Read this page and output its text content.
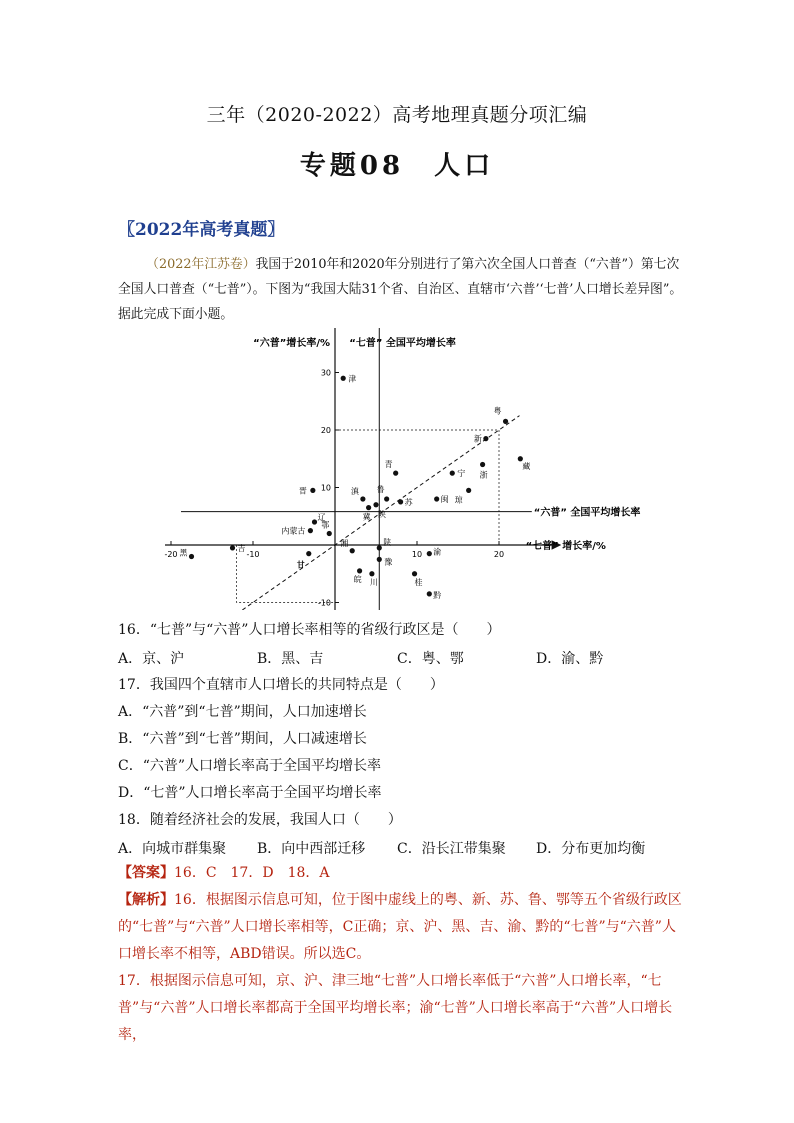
三年（2020-2022）高考地理真题分项汇编
专题08　人口
〖2022年高考真题〗
（2022年江苏卷）我国于2010年和2020年分别进行了第六次全国人口普查（“六普”）第七次全国人口普查（“七普”）。下图为“我国大陆31个省、自治区、直辖市‘六普’‘七普’人口增长差异图”。据此完成下面小题。
-20	-10	10	20
-10
10
20
30
“六普”增长率/% “七普” 全国平均增长率
“六普” 全国平均增长率
“七普” 增长率/%
津
粤
新
藏
浙
宁
琼
闽
青
晋	滇 鲁
苏
陕
冀
辽
内蒙古
鄂
黑
吉
甘
湘	陕
豫
渝
皖 川	桂
黔
16．“七普”与“六普”人口增长率相等的省级行政区是（　　）
A．京、沪	B．黑、吉	C．粤、鄂	D．渝、黔
17．我国四个直辖市人口增长的共同特点是（　　）
A．“六普”到“七普”期间，人口加速增长
B．“六普”到“七普”期间，人口减速增长
C．“六普”人口增长率高于全国平均增长率
D．“七普”人口增长率高于全国平均增长率
18．随着经济社会的发展，我国人口（　　）
A．向城市群集聚 B．向中西部迁移 C．沿长江带集聚 D．分布更加均衡
【答案】16．C　17．D　18．A
【解析】16．根据图示信息可知，位于图中虚线上的粤、新、苏、鲁、鄂等五个省级行政区的“七普”与“六普”人口增长率相等，C正确；京、沪、黑、吉、渝、黔的“七普”与“六普”人口增长率不相等，ABD错误。所以选C。
17．根据图示信息可知，京、沪、津三地“七普”人口增长率低于“六普”人口增长率，“七普”与“六普”人口增长率都高于全国平均增长率；渝“七普”人口增长率高于“六普”人口增长率，
